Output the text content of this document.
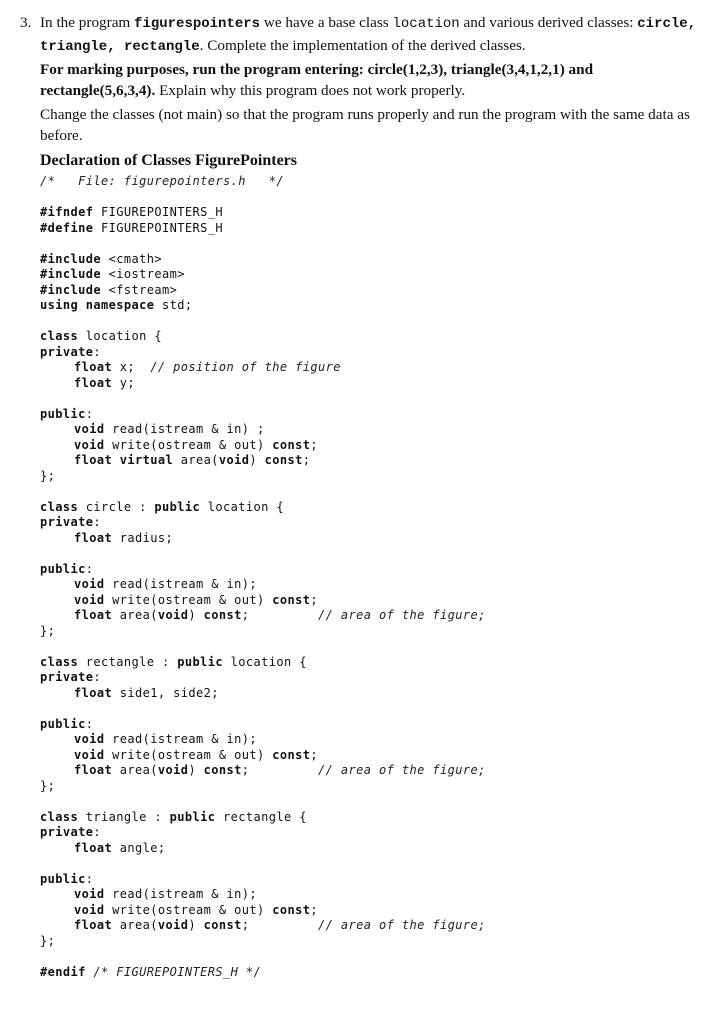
3. In the program figurespointers we have a base class location and various derived classes: circle, triangle, rectangle. Complete the implementation of the derived classes.

For marking purposes, run the program entering: circle(1,2,3), triangle(3,4,1,2,1) and rectangle(5,6,3,4). Explain why this program does not work properly.

Change the classes (not main) so that the program runs properly and run the program with the same data as before.

Declaration of Classes FigurePointers
/*   File: figurepointers.h   */
#ifndef FIGUREPOINTERS_H
#define FIGUREPOINTERS_H
#include <cmath>
#include <iostream>
#include <fstream>
using namespace std;
class location {
private:
float x;  // position of the figure
float y;
public:
void read(istream & in) ;
void write(ostream & out) const;
float virtual area(void) const;
};
class circle : public location {
private:
float radius;
public:
void read(istream & in);
void write(ostream & out) const;
float area(void) const;	// area of the figure;
};
class rectangle : public location {
private:
float side1, side2;
public:
void read(istream & in);
void write(ostream & out) const;
float area(void) const;	// area of the figure;
};
class triangle : public rectangle {
private:
float angle;
public:
void read(istream & in);
void write(ostream & out) const;
float area(void) const;	// area of the figure;
};
#endif /* FIGUREPOINTERS_H */
